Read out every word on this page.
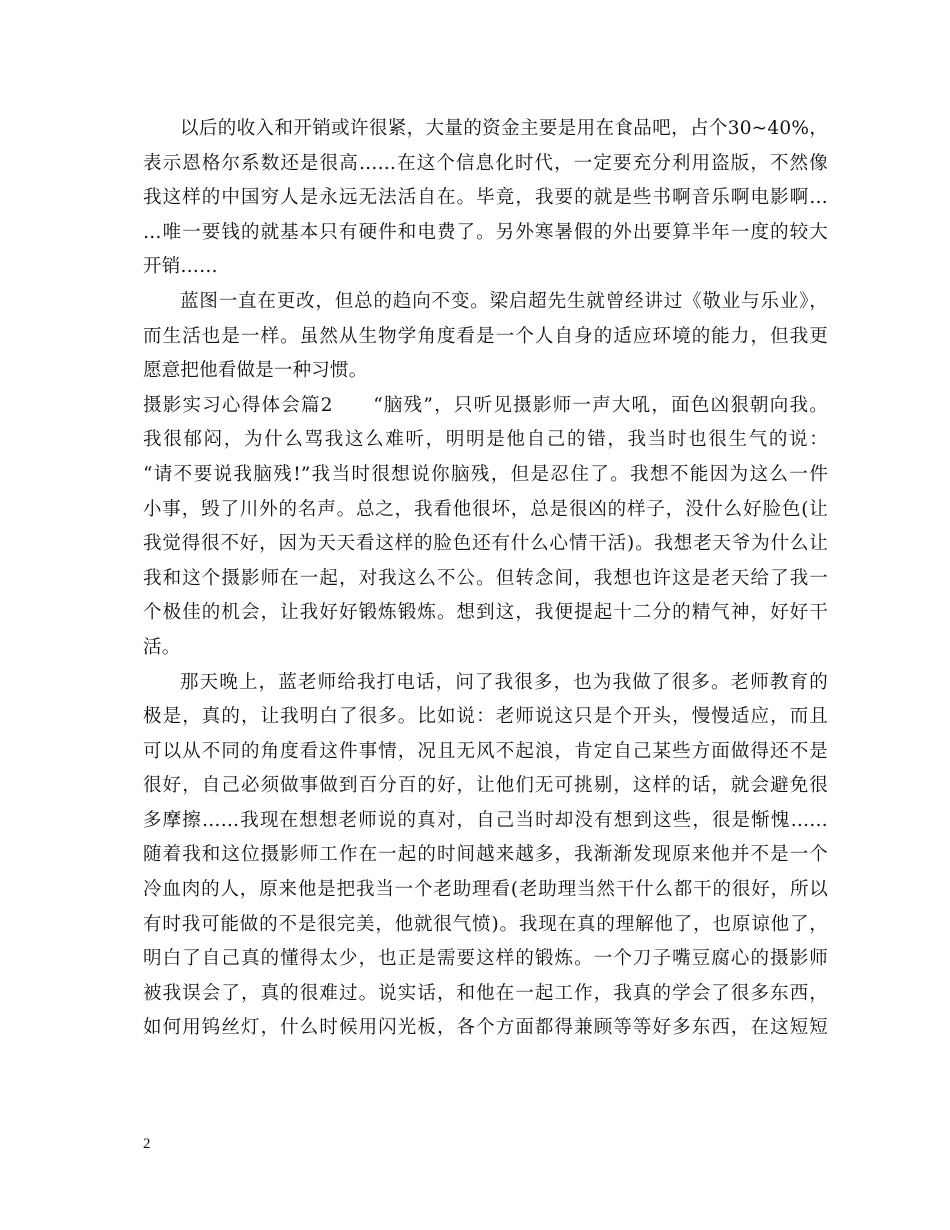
以后的收入和开销或许很紧，大量的资金主要是用在食品吧，占个30~40%，
表示恩格尔系数还是很高……在这个信息化时代，一定要充分利用盗版，不然像
我这样的中国穷人是永远无法活自在。毕竟，我要的就是些书啊音乐啊电影啊…
…唯一要钱的就基本只有硬件和电费了。另外寒暑假的外出要算半年一度的较大
开销……
蓝图一直在更改，但总的趋向不变。梁启超先生就曾经讲过《敬业与乐业》，
而生活也是一样。虽然从生物学角度看是一个人自身的适应环境的能力，但我更
愿意把他看做是一种习惯。
摄影实习心得体会篇2　　“脑残”，只听见摄影师一声大吼，面色凶狠朝向我。
我很郁闷，为什么骂我这么难听，明明是他自己的错，我当时也很生气的说：
“请不要说我脑残!”我当时很想说你脑残，但是忍住了。我想不能因为这么一件
小事，毁了川外的名声。总之，我看他很坏，总是很凶的样子，没什么好脸色(让
我觉得很不好，因为天天看这样的脸色还有什么心情干活)。我想老天爷为什么让
我和这个摄影师在一起，对我这么不公。但转念间，我想也许这是老天给了我一
个极佳的机会，让我好好锻炼锻炼。想到这，我便提起十二分的精气神，好好干
活。
那天晚上，蓝老师给我打电话，问了我很多，也为我做了很多。老师教育的
极是，真的，让我明白了很多。比如说：老师说这只是个开头，慢慢适应，而且
可以从不同的角度看这件事情，况且无风不起浪，肯定自己某些方面做得还不是
很好，自己必须做事做到百分百的好，让他们无可挑剔，这样的话，就会避免很
多摩擦……我现在想想老师说的真对，自己当时却没有想到这些，很是惭愧……
随着我和这位摄影师工作在一起的时间越来越多，我渐渐发现原来他并不是一个
冷血肉的人，原来他是把我当一个老助理看(老助理当然干什么都干的很好，所以
有时我可能做的不是很完美，他就很气愤)。我现在真的理解他了，也原谅他了，
明白了自己真的懂得太少，也正是需要这样的锻炼。一个刀子嘴豆腐心的摄影师
被我误会了，真的很难过。说实话，和他在一起工作，我真的学会了很多东西，
如何用钨丝灯，什么时候用闪光板，各个方面都得兼顾等等好多东西，在这短短
2
